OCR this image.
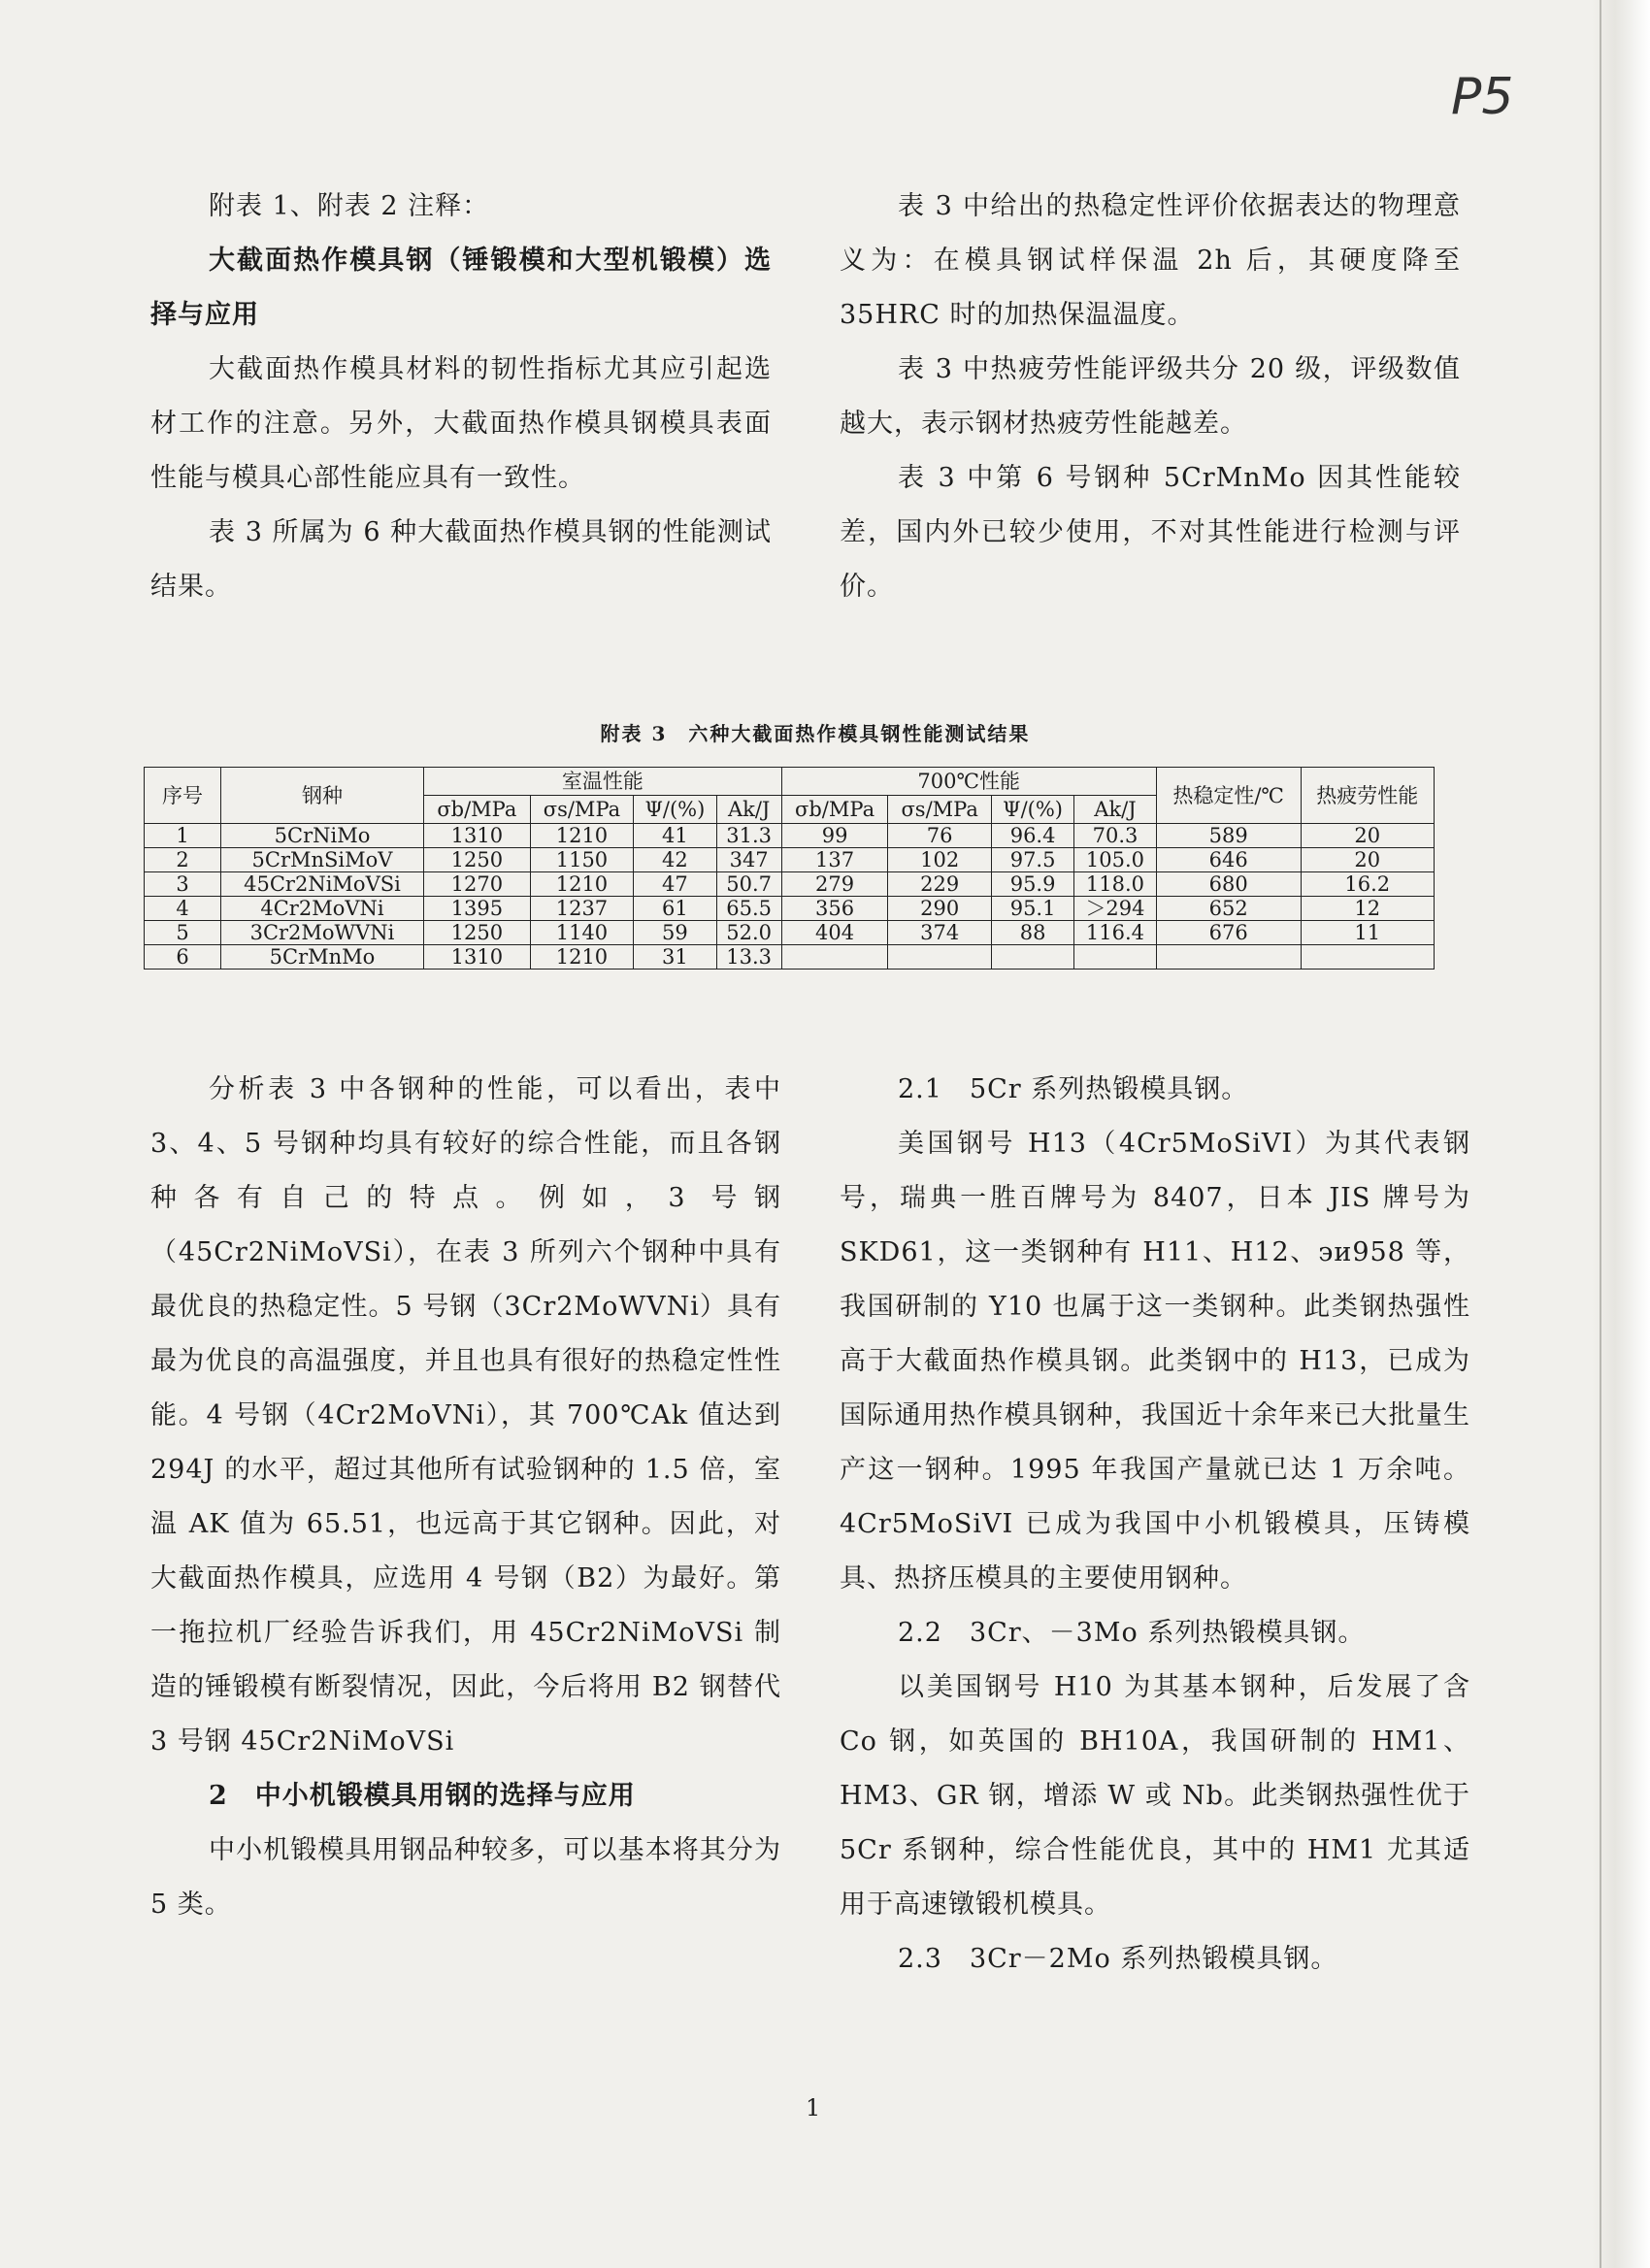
P5

附表 1、附表 2 注释：

大截面热作模具钢（锤锻模和大型机锻模）选择与应用

大截面热作模具材料的韧性指标尤其应引起选材工作的注意。另外，大截面热作模具钢模具表面性能与模具心部性能应具有一致性。

表 3 所属为 6 种大截面热作模具钢的性能测试结果。

表 3 中给出的热稳定性评价依据表达的物理意义为：在模具钢试样保温 2h 后，其硬度降至 35HRC 时的加热保温温度。

表 3 中热疲劳性能评级共分 20 级，评级数值越大，表示钢材热疲劳性能越差。

表 3 中第 6 号钢种 5CrMnMo 因其性能较差，国内外已较少使用，不对其性能进行检测与评价。

附表 3　六种大截面热作模具钢性能测试结果
序号	钢种	室温性能				700℃性能				热稳定性/℃	热疲劳性能
		σb/MPa	σs/MPa	Ψ/(%)	Ak/J	σb/MPa	σs/MPa	Ψ/(%)	Ak/J		
1	5CrNiMo	1310	1210	41	31.3	99	76	96.4	70.3	589	20
2	5CrMnSiMoV	1250	1150	42	347	137	102	97.5	105.0	646	20
3	45Cr2NiMoVSi	1270	1210	47	50.7	279	229	95.9	118.0	680	16.2
4	4Cr2MoVNi	1395	1237	61	65.5	356	290	95.1	＞294	652	12
5	3Cr2MoWVNi	1250	1140	59	52.0	404	374	88	116.4	676	11
6	5CrMnMo	1310	1210	31	13.3						

分析表 3 中各钢种的性能，可以看出，表中 3、4、5 号钢种均具有较好的综合性能，而且各钢种各有自己的特点。例如，3 号钢（45Cr2NiMoVSi），在表 3 所列六个钢种中具有最优良的热稳定性。5 号钢（3Cr2MoWVNi）具有最为优良的高温强度，并且也具有很好的热稳定性性能。4 号钢（4Cr2MoVNi），其 700℃Ak 值达到 294J 的水平，超过其他所有试验钢种的 1.5 倍，室温 AK 值为 65.51，也远高于其它钢种。因此，对大截面热作模具，应选用 4 号钢（B2）为最好。第一拖拉机厂经验告诉我们，用 45Cr2NiMoVSi 制造的锤锻模有断裂情况，因此，今后将用 B2 钢替代 3 号钢 45Cr2NiMoVSi

2　中小机锻模具用钢的选择与应用

中小机锻模具用钢品种较多，可以基本将其分为 5 类。

2.1　5Cr 系列热锻模具钢。

美国钢号 H13（4Cr5MoSiVI）为其代表钢号，瑞典一胜百牌号为 8407，日本 JIS 牌号为 SKD61，这一类钢种有 H11、H12、эи958 等，我国研制的 Y10 也属于这一类钢种。此类钢热强性高于大截面热作模具钢。此类钢中的 H13，已成为国际通用热作模具钢种，我国近十余年来已大批量生产这一钢种。1995 年我国产量就已达 1 万余吨。4Cr5MoSiVI 已成为我国中小机锻模具，压铸模具、热挤压模具的主要使用钢种。

2.2　3Cr、－3Mo 系列热锻模具钢。

以美国钢号 H10 为其基本钢种，后发展了含 Co 钢，如英国的 BH10A，我国研制的 HM1、HM3、GR 钢，增添 W 或 Nb。此类钢热强性优于 5Cr 系钢种，综合性能优良，其中的 HM1 尤其适用于高速镦锻机模具。

2.3　3Cr－2Mo 系列热锻模具钢。

1
